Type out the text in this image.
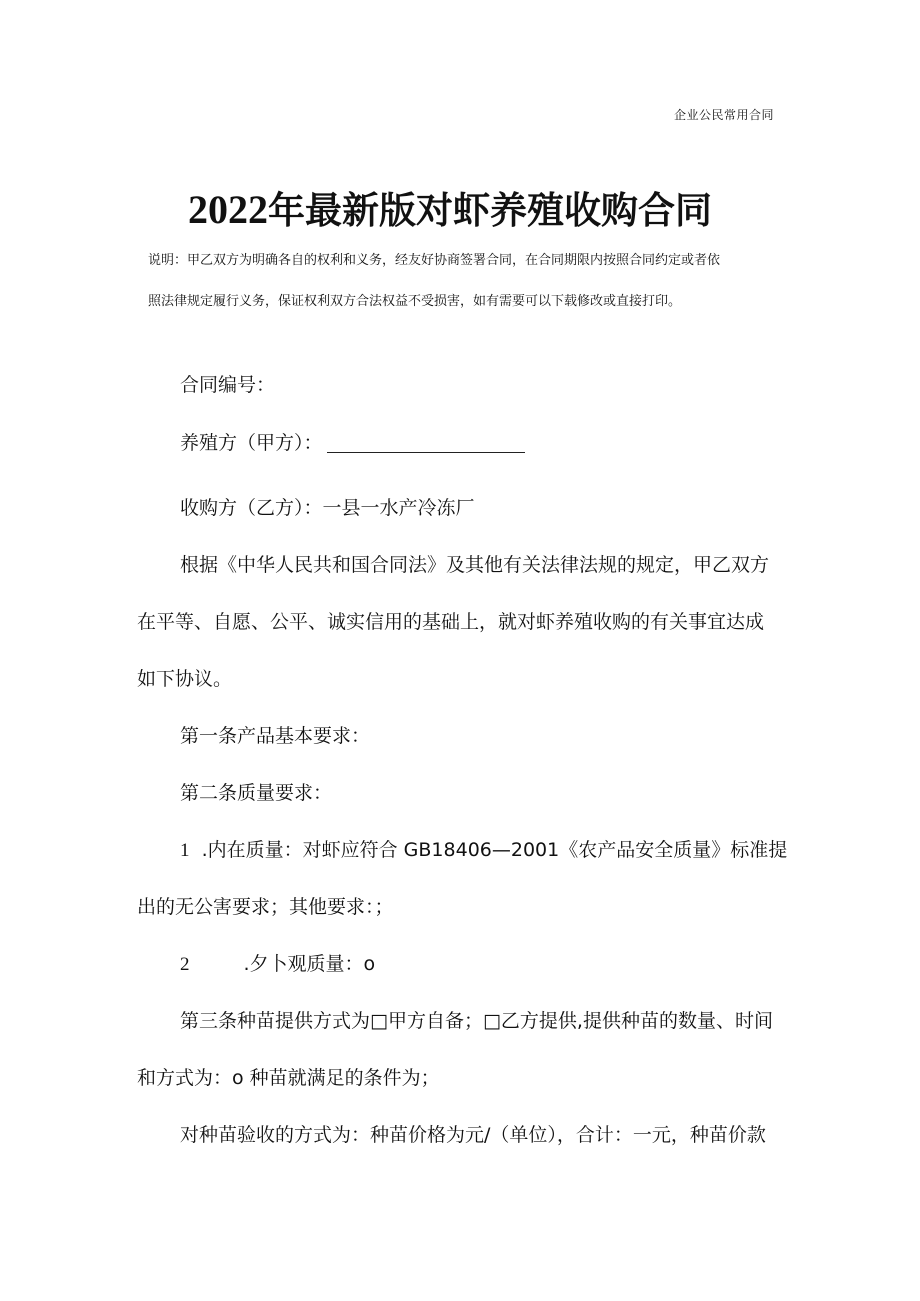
企业公民常用合同
2022年最新版对虾养殖收购合同
说明：甲乙双方为明确各自的权利和义务，经友好协商签署合同，在合同期限内按照合同约定或者依
照法律规定履行义务，保证权利双方合法权益不受损害，如有需要可以下载修改或直接打印。
合同编号：
养殖方（甲方）：
收购方（乙方）：一县一水产冷冻厂
根据《中华人民共和国合同法》及其他有关法律法规的规定，甲乙双方
在平等、自愿、公平、诚实信用的基础上，就对虾养殖收购的有关事宜达成
如下协议。
第一条产品基本要求：
第二条质量要求：
1 .内在质量：对虾应符合 GB18406—2001《农产品安全质量》标准提
出的无公害要求；其他要求：；
2	.夕卜观质量：o
第三条种苗提供方式为□甲方自备；□乙方提供,提供种苗的数量、时间
和方式为：o 种苗就满足的条件为；
对种苗验收的方式为：种苗价格为元/（单位），合计：一元，种苗价款
